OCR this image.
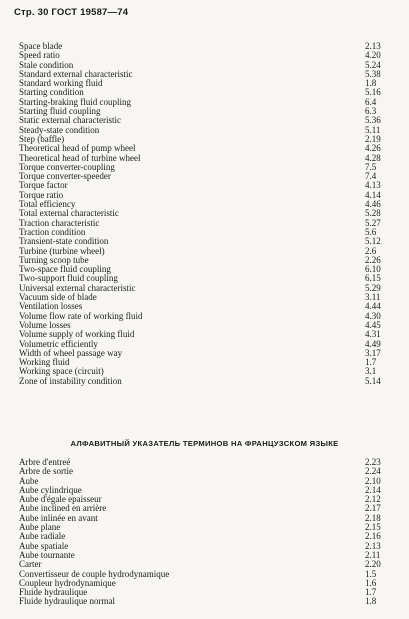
Стр. 30 ГОСТ 19587—74
Space blade	2.13
Speed ratio	4.20
Stale condition	5.24
Standard external characteristic	5.38
Standard working fluid	1.8
Starting condition	5.16
Starting-braking fluid coupling	6.4
Starting fluid coupling	6.3
Static external characteristic	5.36
Steady-state condition	5.11
Step (baffle)	2.19
Theoretical head of pump wheel	4.26
Theoretical head of turbine wheel	4.28
Torque converter-coupling	7.5
Torque converter-speeder	7.4
Torque factor	4.13
Torque ratio	4.14
Total efficiency	4.46
Total external characteristic	5.28
Traction characteristic	5.27
Traction condition	5.6
Transient-state condition	5.12
Turbine (turbine wheel)	2.6
Turning scoop tube	2.26
Two-space fluid coupling	6.10
Two-support fluid coupling	6.15
Universal external characteristic	5.29
Vacuum side of blade	3.11
Ventilation losses	4.44
Volume flow rate of working fluid	4.30
Volume losses	4.45
Volume supply of working fluid	4.31
Volumetric efficiently	4.49
Width of wheel passage way	3.17
Working fluid	1.7
Working space (circuit)	3.1
Zone of instability condition	5.14
АЛФАВИТНЫЙ УКАЗАТЕЛЬ ТЕРМИНОВ НА ФРАНЦУЗСКОМ ЯЗЫКЕ
Arbre d'entreé	2.23
Arbre de sortie	2.24
Aube	2.10
Aube cylindrique	2.14
Aube d'égale epaisseur	2.12
Aube inclined en arrière	2.17
Aube inlinée en avant	2.18
Aube plane	2.15
Aube radiale	2.16
Aube spatiale	2.13
Aube tournante	2.11
Carter	2.20
Convertisseur de couple hydrodynamique	1.5
Coupleur hydrodynamique	1.6
Fluide hydraulique	1.7
Fluide hydraulique normal	1.8
